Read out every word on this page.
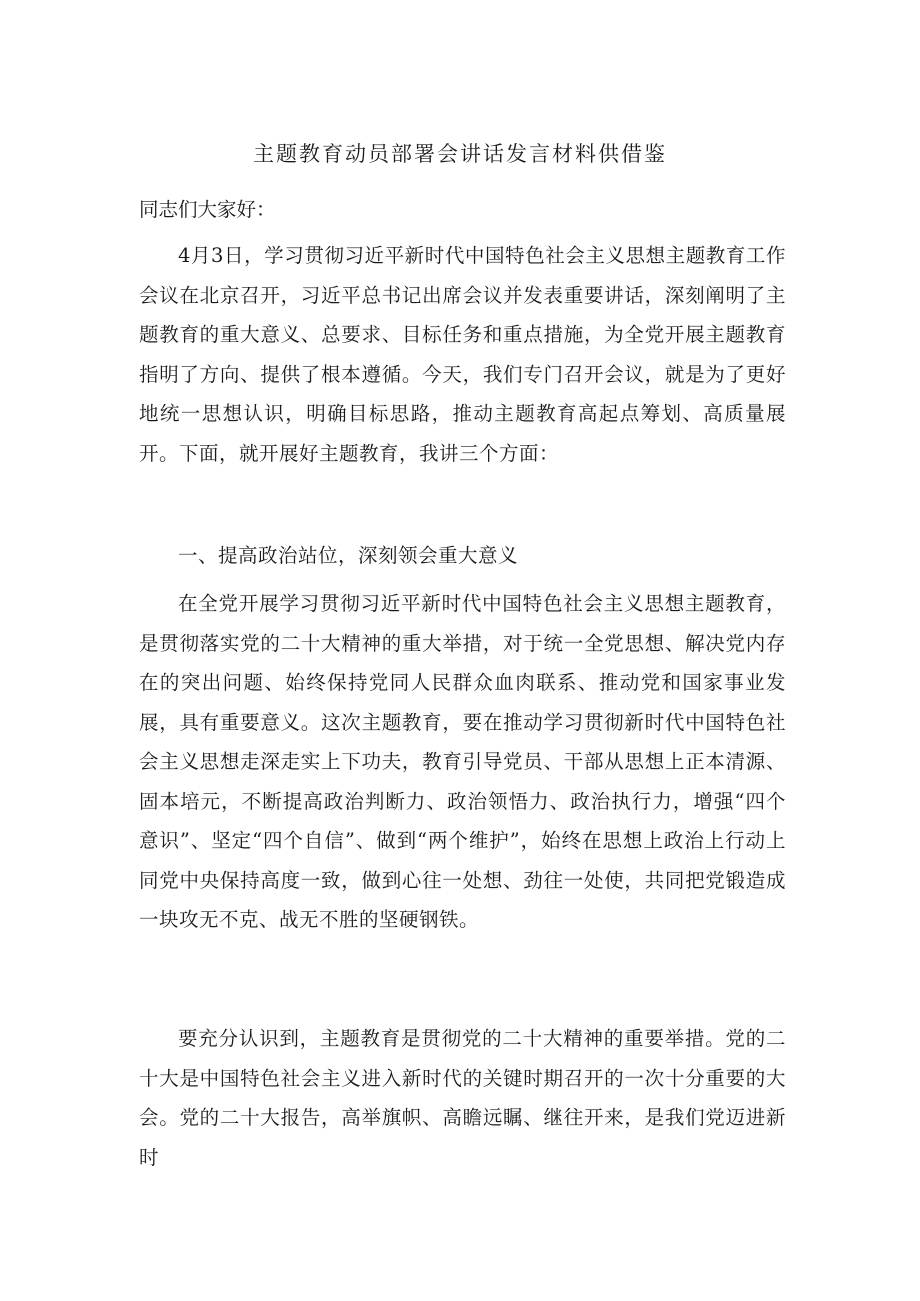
主题教育动员部署会讲话发言材料供借鉴

同志们大家好：

4月3日，学习贯彻习近平新时代中国特色社会主义思想主题教育工作会议在北京召开，习近平总书记出席会议并发表重要讲话，深刻阐明了主题教育的重大意义、总要求、目标任务和重点措施，为全党开展主题教育指明了方向、提供了根本遵循。今天，我们专门召开会议，就是为了更好地统一思想认识，明确目标思路，推动主题教育高起点筹划、高质量展开。下面，就开展好主题教育，我讲三个方面：

一、提高政治站位，深刻领会重大意义

在全党开展学习贯彻习近平新时代中国特色社会主义思想主题教育，是贯彻落实党的二十大精神的重大举措，对于统一全党思想、解决党内存在的突出问题、始终保持党同人民群众血肉联系、推动党和国家事业发展，具有重要意义。这次主题教育，要在推动学习贯彻新时代中国特色社会主义思想走深走实上下功夫，教育引导党员、干部从思想上正本清源、固本培元，不断提高政治判断力、政治领悟力、政治执行力，增强“四个意识”、坚定“四个自信”、做到“两个维护”，始终在思想上政治上行动上同党中央保持高度一致，做到心往一处想、劲往一处使，共同把党锻造成一块攻无不克、战无不胜的坚硬钢铁。

要充分认识到，主题教育是贯彻党的二十大精神的重要举措。党的二十大是中国特色社会主义进入新时代的关键时期召开的一次十分重要的大会。党的二十大报告，高举旗帜、高瞻远瞩、继往开来，是我们党迈进新时
